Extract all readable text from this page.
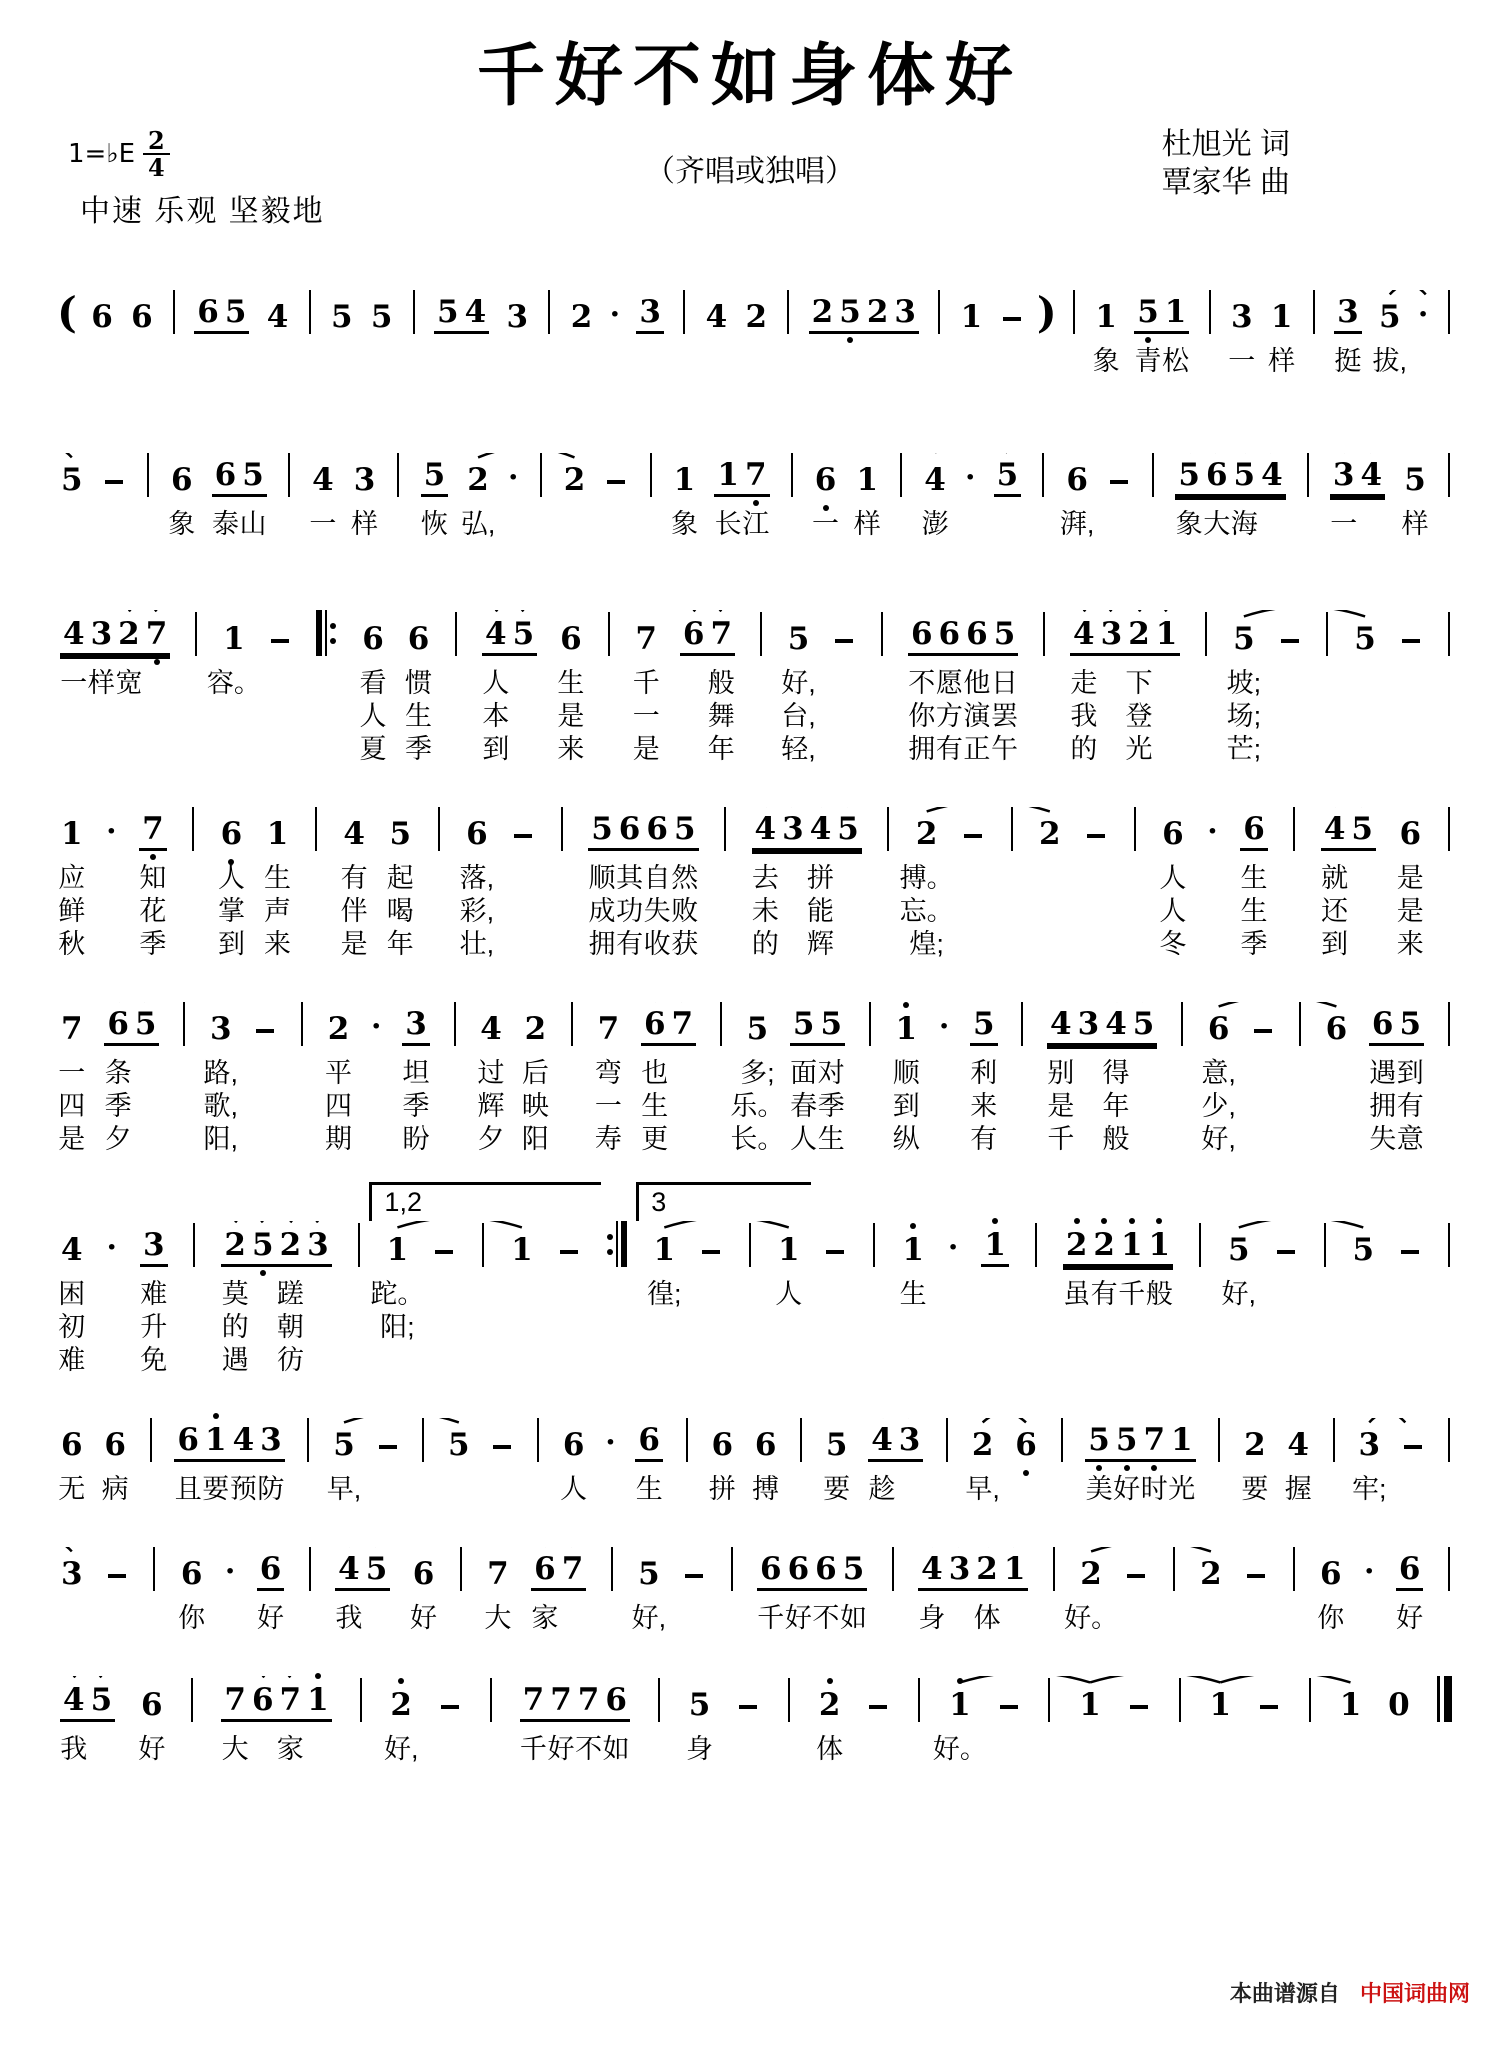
千好不如身体好
1=♭E $\frac{2}{4}$	（齐唱或独唱）
杜旭光 词
覃家华 曲
中速 乐观 坚毅地
( 6 6 6 5 4 5 5 5 4 3 2 · 3 4 2 2 5 2 3 1 ) 1 5 1 3 1 3 5 ·
象 青 松 一 样 挺 拔,
5	6 6 5 4 3 5 2 · 2	1 1 7 6 1 4 · 5 6	5 6 5 4 3 4 5
象 泰 山 一 样 恢 弘,	象 长 江 一 样 澎	湃,	象 大 海	一 样
4 3 2 7 1	6 6 4 5 6 7 6 7 5	6 6 6 5 4 3 2 1 5	5
一 样 宽 容。	看 惯 人 生 千 般 好,	不 愿 他 日 走 下	坡;
人 生 本 是 一 舞 台,	你 方 演 罢 我 登	场;
夏 季 到 来 是 年 轻,	拥 有 正 午 的 光	芒;
1 · 7 6 1 4 5 6	5 6 6 5 4 3 4 5 2	2	6 · 6 4 5 6
应 知 人 生 有 起 落,	顺 其 自 然 去 拼 搏。	人 生 就 是
鲜 花 掌 声 伴 喝 彩,	成 功 失 败 未 能 忘。	人 生 还 是
秋 季 到 来 是 年 壮,	拥 有 收 获 的 辉	煌;	冬 季 到 来
7 6 5 3	2 · 3 4 2 7 6 7 5 5 5 1 · 5 4 3 4 5 6	6 6 5
一 条	路,	平 坦 过 后 弯 也	多; 面 对 顺 利 别 得	意,	遇 到
四 季	歌,	四 季 辉 映 一 生 乐。 春 季 到 来 是 年	少,	拥 有
是 夕	阳,	期 盼 夕 阳 寿 更 长。 人 生 纵 有 千 般	好,	失 意
4 · 3 2 5 2 3 1	1	1	1	1 · 1 2 2 1 1 5	5
困 难 莫 蹉 跎。	徨;	人	生	虽 有 千 般 好,
初 升 的 朝	阳;
难 免 遇 彷
1,2	3
6 6 6 1 4 3 5	5	6 · 6 6 6 5 4 3 2 6 5 5 7 1 2 4 3
无 病 且 要 预 防 早,	人 生 拼 搏 要 趁	早,	美 好 时 光 要 握 牢;
3	6 · 6 4 5 6 7 6 7 5	6 6 6 5 4 3 2 1 2	2	6 · 6
你 好 我 好 大 家	好,	千 好 不 如 身 体 好。	你 好
4 5 6 7 6 7 1 2	7 7 7 6 5	2	1	1	1	1 0
我 好 大 家	好,	千 好 不 如 身	体	好。
本曲谱源自 中国词曲网
